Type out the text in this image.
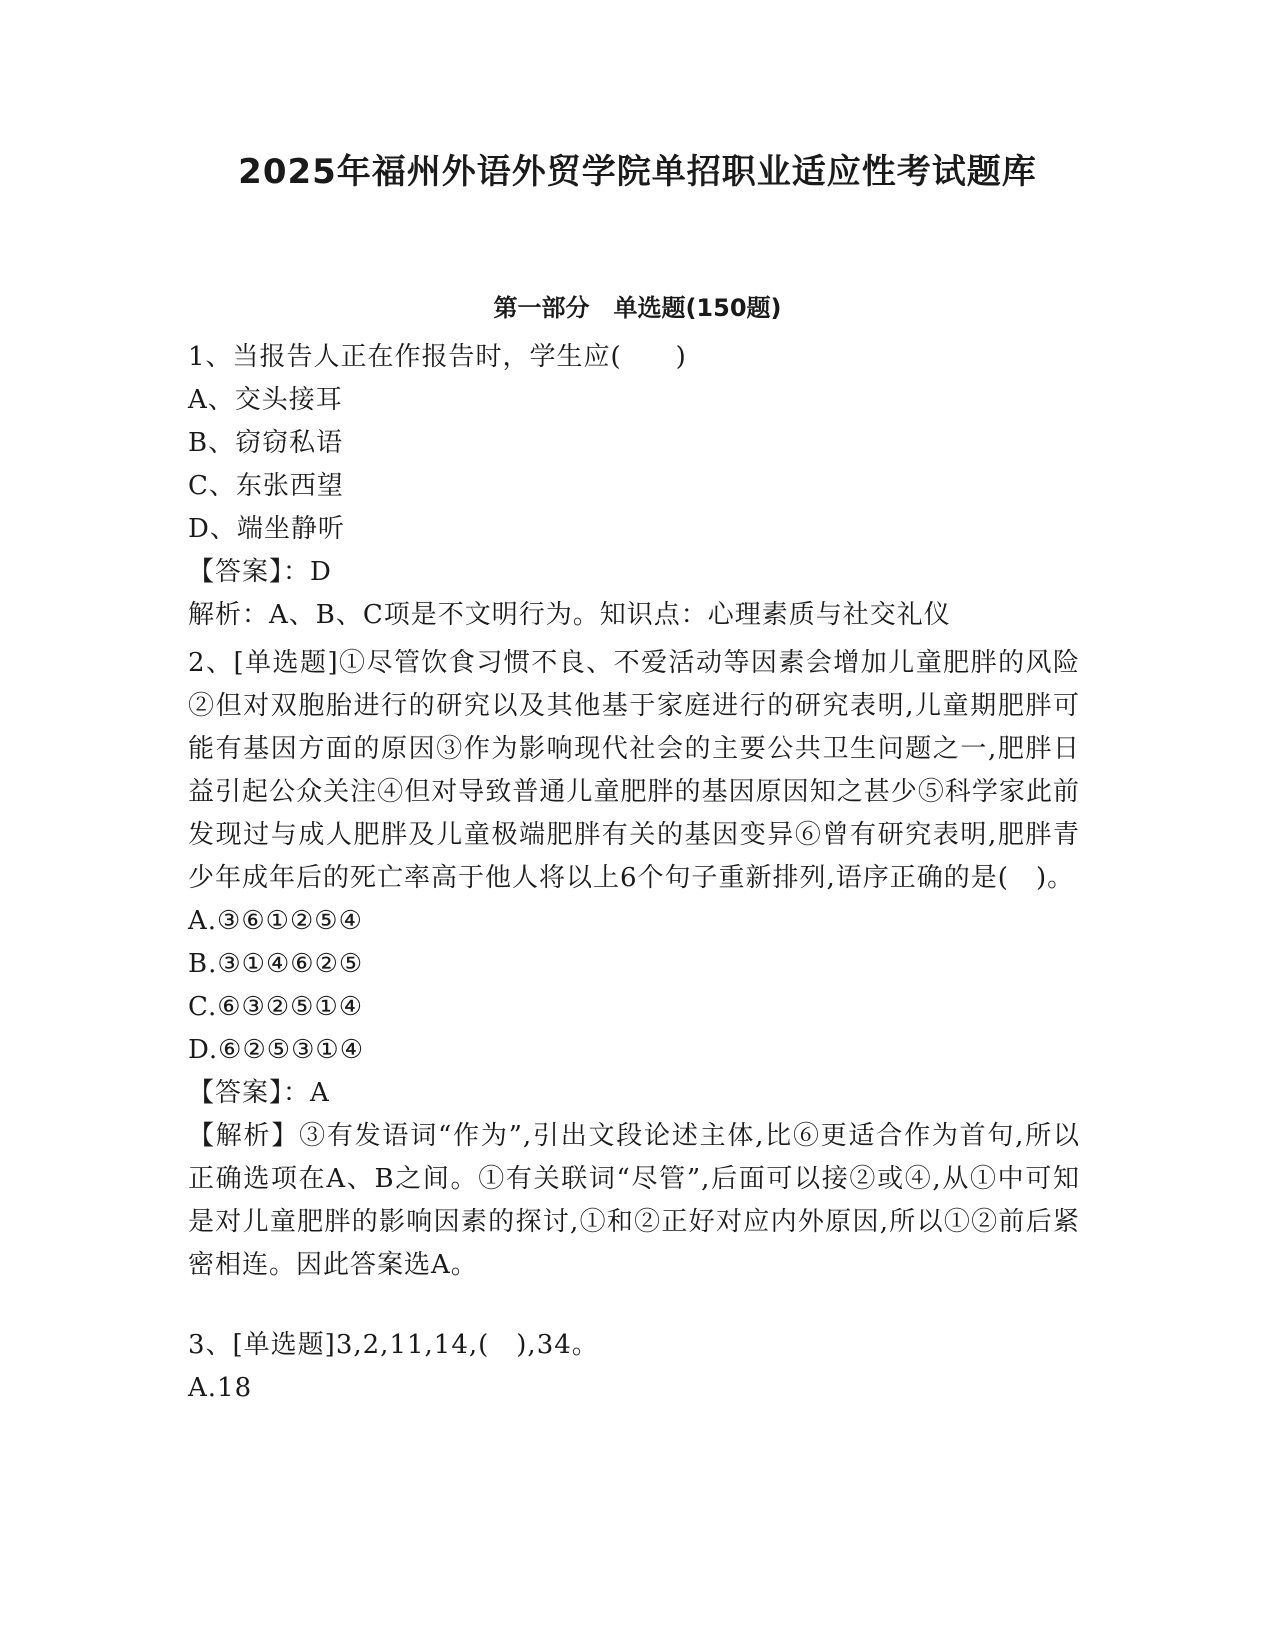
2025年福州外语外贸学院单招职业适应性考试题库
第一部分　单选题(150题)
1、当报告人正在作报告时，学生应(　　)
A、交头接耳
B、窃窃私语
C、东张西望
D、端坐静听
【答案】：D
解析：A、B、C项是不文明行为。知识点：心理素质与社交礼仪
2、[单选题]①尽管饮食习惯不良、不爱活动等因素会增加儿童肥胖的风险②但对双胞胎进行的研究以及其他基于家庭进行的研究表明,儿童期肥胖可能有基因方面的原因③作为影响现代社会的主要公共卫生问题之一,肥胖日益引起公众关注④但对导致普通儿童肥胖的基因原因知之甚少⑤科学家此前发现过与成人肥胖及儿童极端肥胖有关的基因变异⑥曾有研究表明,肥胖青少年成年后的死亡率高于他人将以上6个句子重新排列,语序正确的是(　)。
A.③⑥①②⑤④
B.③①④⑥②⑤
C.⑥③②⑤①④
D.⑥②⑤③①④
【答案】：A
【解析】③有发语词“作为”,引出文段论述主体,比⑥更适合作为首句,所以正确选项在A、B之间。①有关联词“尽管”,后面可以接②或④,从①中可知是对儿童肥胖的影响因素的探讨,①和②正好对应内外原因,所以①②前后紧密相连。因此答案选A。
3、[单选题]3,2,11,14,(　),34。
A.18
